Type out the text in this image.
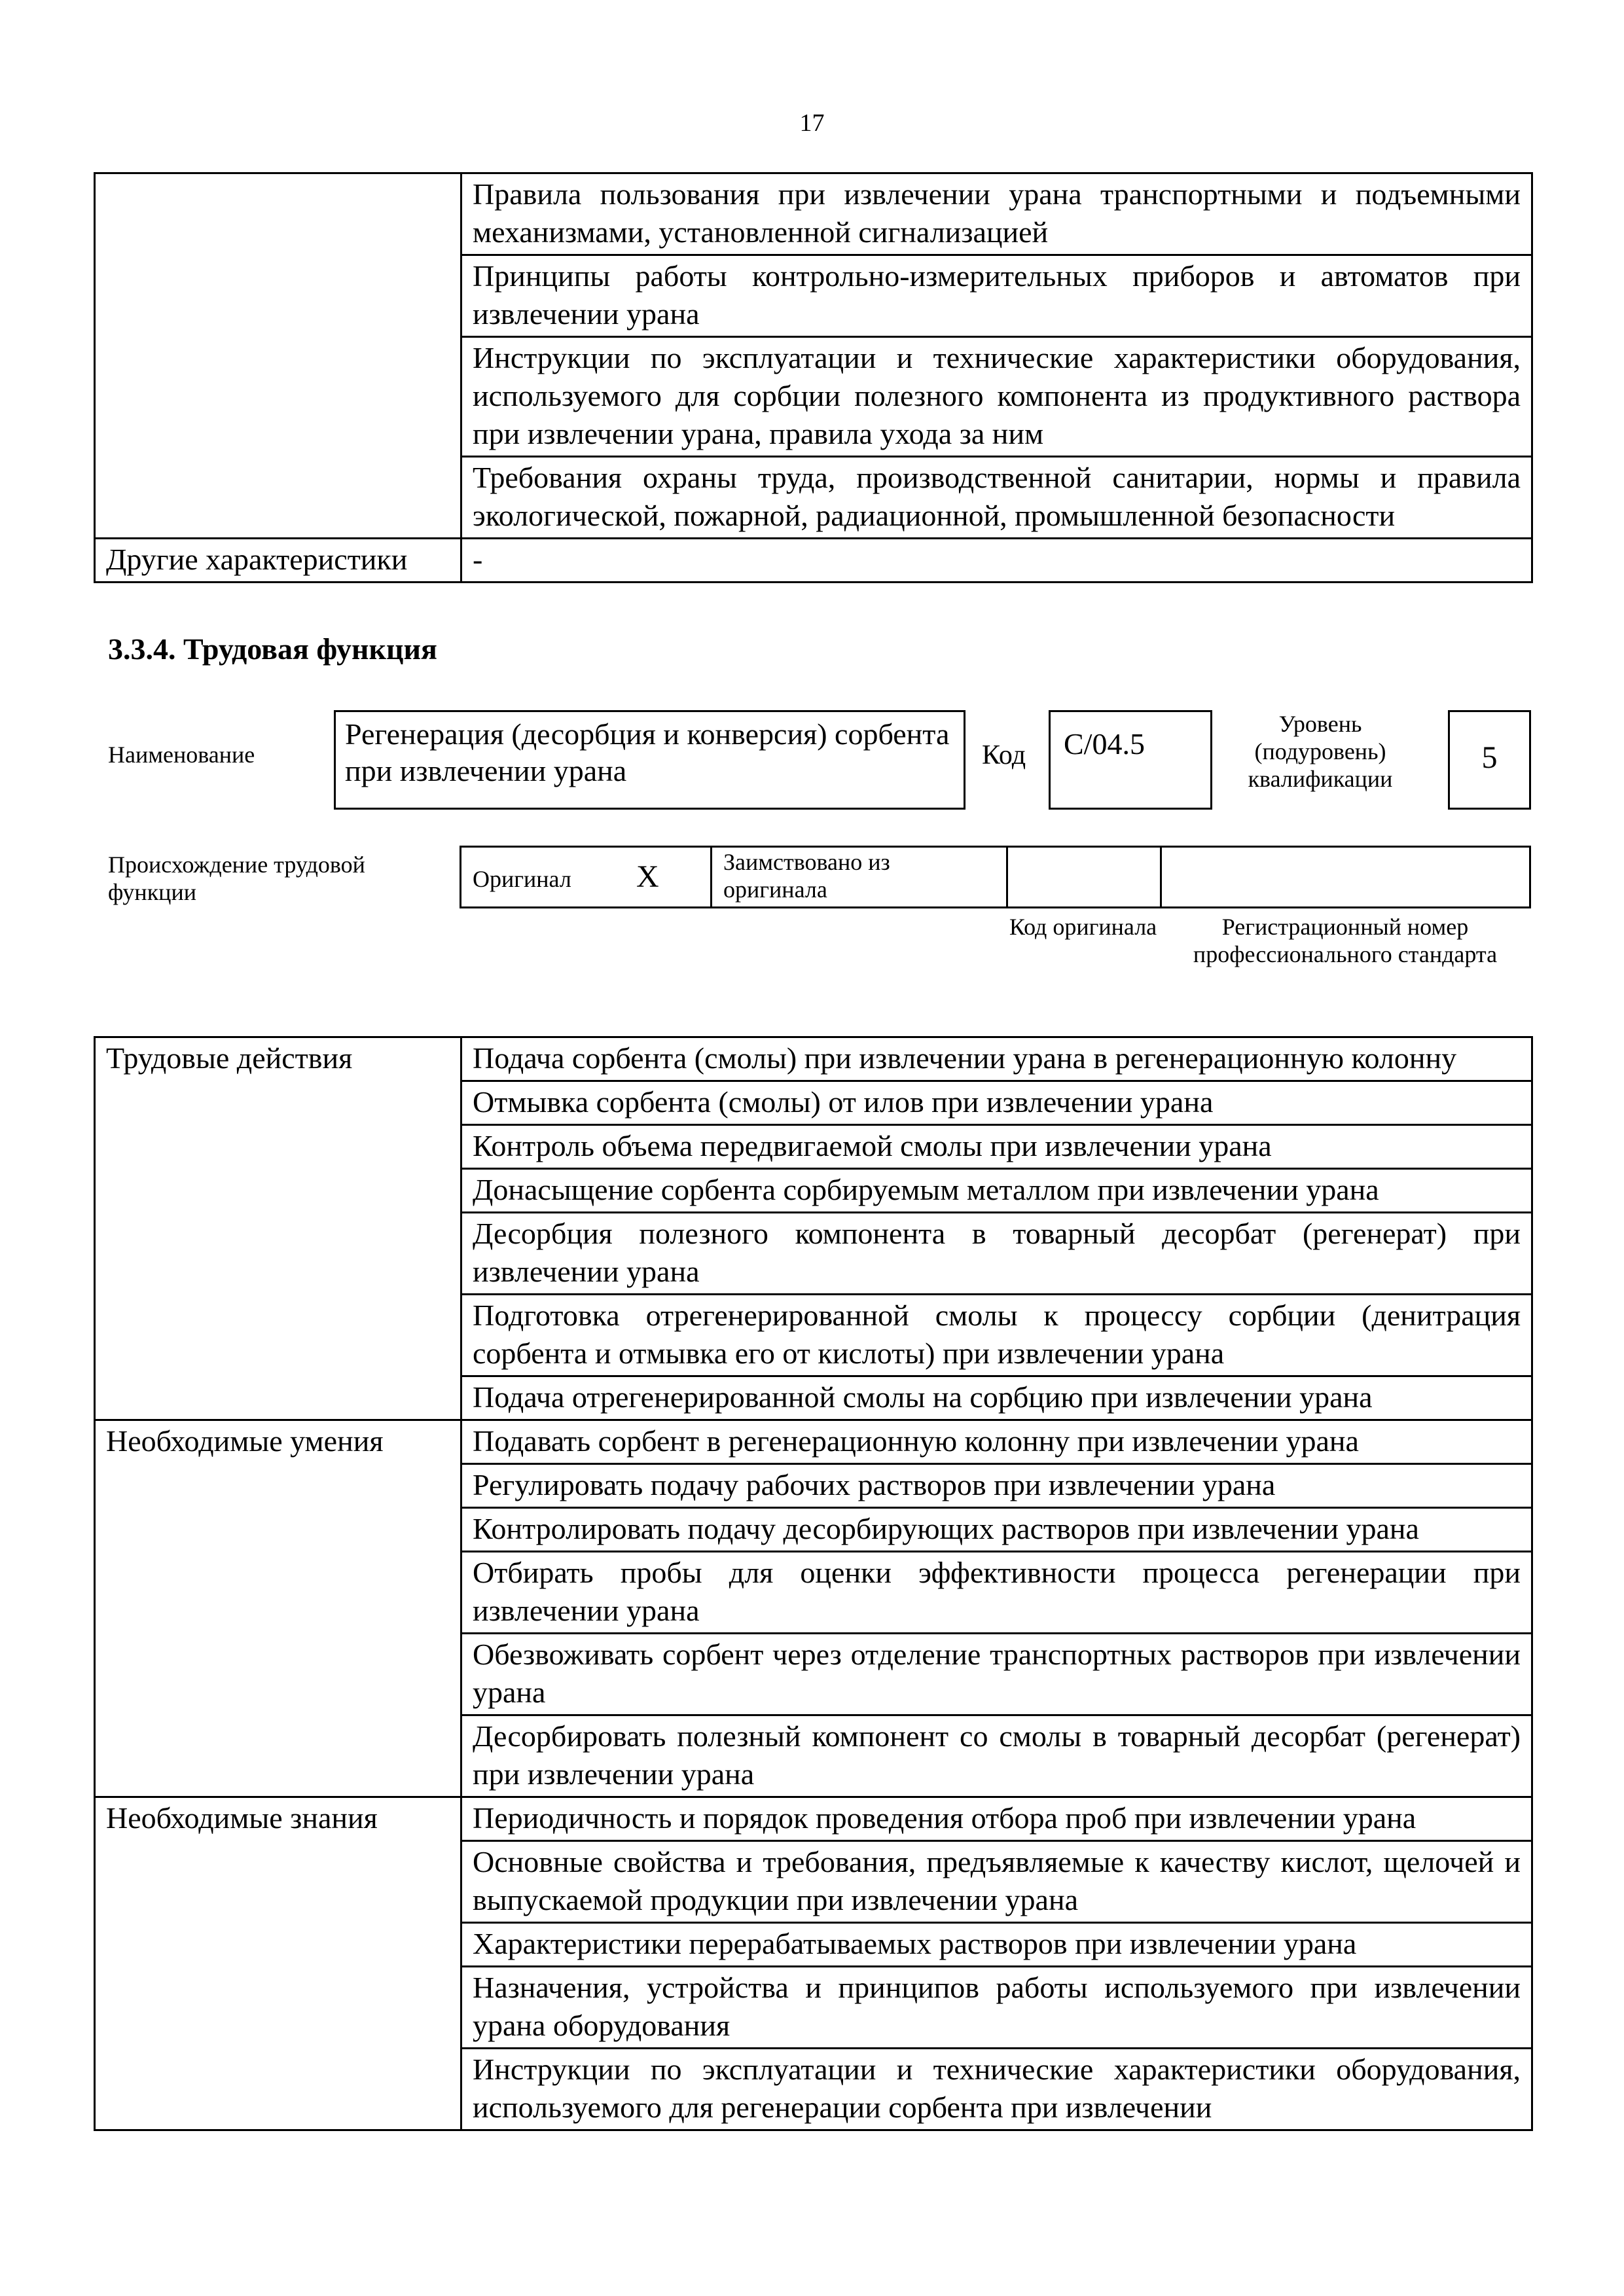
17
	Правила пользования при извлечении урана транспортными и подъемными механизмами, установленной сигнализацией
	Принципы работы контрольно-измерительных приборов и автоматов при извлечении урана
	Инструкции по эксплуатации и технические характеристики оборудования, используемого для сорбции полезного компонента из продуктивного раствора при извлечении урана, правила ухода за ним
	Требования охраны труда, производственной санитарии, нормы и правила экологической, пожарной, радиационной, промышленной безопасности
Другие характеристики	-
3.3.4. Трудовая функция
Наименование
Регенерация (десорбция и конверсия) сорбента при извлечении урана	Код	C/04.5
Уровень (подуровень) квалификации
5
Происхождение трудовой функции	Оригинал X	Заимствовано из оригинала
Код оригинала	Регистрационный номер профессионального стандарта
Трудовые действия	Подача сорбента (смолы) при извлечении урана в регенерационную колонну
	Отмывка сорбента (смолы) от илов при извлечении урана
	Контроль объема передвигаемой смолы при извлечении урана
	Донасыщение сорбента сорбируемым металлом при извлечении урана
	Десорбция полезного компонента в товарный десорбат (регенерат) при извлечении урана
	Подготовка отрегенерированной смолы к процессу сорбции (денитрация сорбента и отмывка его от кислоты) при извлечении урана
	Подача отрегенерированной смолы на сорбцию при извлечении урана
Необходимые умения	Подавать сорбент в регенерационную колонну при извлечении урана
	Регулировать подачу рабочих растворов при извлечении урана
	Контролировать подачу десорбирующих растворов при извлечении урана
	Отбирать пробы для оценки эффективности процесса регенерации при извлечении урана
	Обезвоживать сорбент через отделение транспортных растворов при извлечении урана
	Десорбировать полезный компонент со смолы в товарный десорбат (регенерат) при извлечении урана
Необходимые знания	Периодичность и порядок проведения отбора проб при извлечении урана
	Основные свойства и требования, предъявляемые к качеству кислот, щелочей и выпускаемой продукции при извлечении урана
	Характеристики перерабатываемых растворов при извлечении урана
	Назначения, устройства и принципов работы используемого при извлечении урана оборудования
	Инструкции по эксплуатации и технические характеристики оборудования, используемого для регенерации сорбента при извлечении
